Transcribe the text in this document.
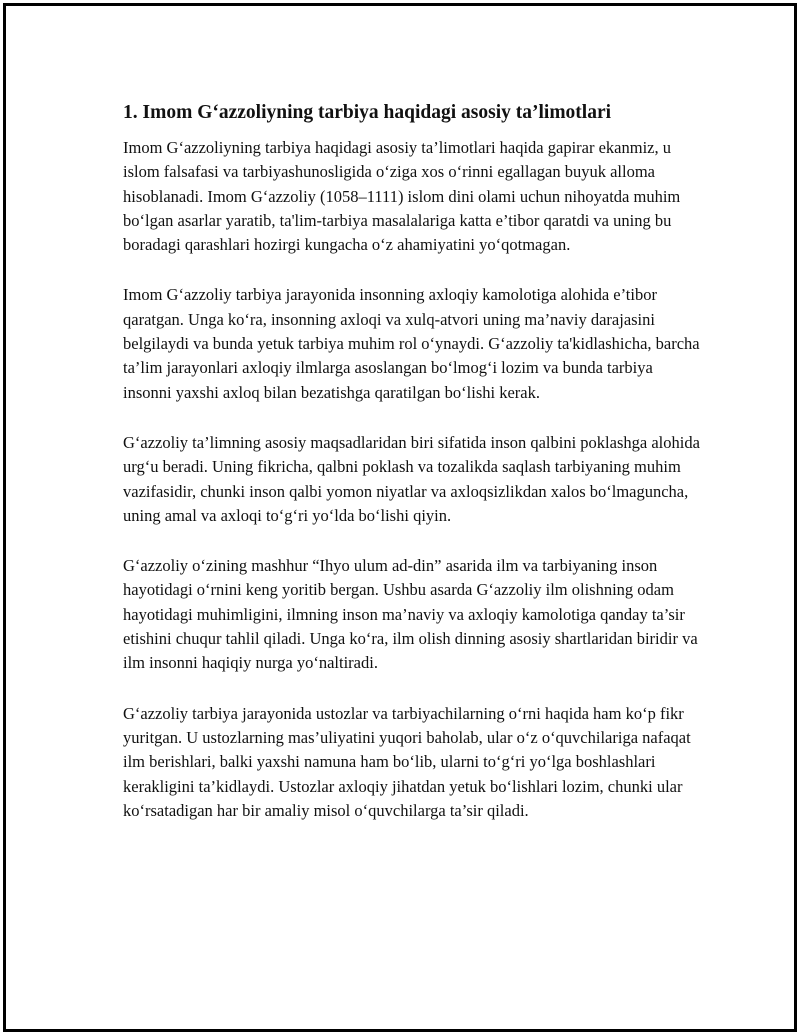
1. Imom G‘azzoliyning tarbiya haqidagi asosiy ta’limotlari

Imom G‘azzoliyning tarbiya haqidagi asosiy ta’limotlari haqida gapirar ekanmiz, u islom falsafasi va tarbiyashunosligida o‘ziga xos o‘rinni egallagan buyuk alloma hisoblanadi. Imom G‘azzoliy (1058–1111) islom dini olami uchun nihoyatda muhim bo‘lgan asarlar yaratib, ta'lim-tarbiya masalalariga katta e’tibor qaratdi va uning bu boradagi qarashlari hozirgi kungacha o‘z ahamiyatini yo‘qotmagan.

Imom G‘azzoliy tarbiya jarayonida insonning axloqiy kamolotiga alohida e’tibor qaratgan. Unga ko‘ra, insonning axloqi va xulq-atvori uning ma’naviy darajasini belgilaydi va bunda yetuk tarbiya muhim rol o‘ynaydi. G‘azzoliy ta'kidlashicha, barcha ta’lim jarayonlari axloqiy ilmlarga asoslangan bo‘lmog‘i lozim va bunda tarbiya insonni yaxshi axloq bilan bezatishga qaratilgan bo‘lishi kerak.

G‘azzoliy ta’limning asosiy maqsadlaridan biri sifatida inson qalbini poklashga alohida urg‘u beradi. Uning fikricha, qalbni poklash va tozalikda saqlash tarbiyaning muhim vazifasidir, chunki inson qalbi yomon niyatlar va axloqsizlikdan xalos bo‘lmaguncha, uning amal va axloqi to‘g‘ri yo‘lda bo‘lishi qiyin.

G‘azzoliy o‘zining mashhur “Ihyo ulum ad-din” asarida ilm va tarbiyaning inson hayotidagi o‘rnini keng yoritib bergan. Ushbu asarda G‘azzoliy ilm olishning odam hayotidagi muhimligini, ilmning inson ma’naviy va axloqiy kamolotiga qanday ta’sir etishini chuqur tahlil qiladi. Unga ko‘ra, ilm olish dinning asosiy shartlaridan biridir va ilm insonni haqiqiy nurga yo‘naltiradi.

G‘azzoliy tarbiya jarayonida ustozlar va tarbiyachilarning o‘rni haqida ham ko‘p fikr yuritgan. U ustozlarning mas’uliyatini yuqori baholab, ular o‘z o‘quvchilariga nafaqat ilm berishlari, balki yaxshi namuna ham bo‘lib, ularni to‘g‘ri yo‘lga boshlashlari kerakligini ta’kidlaydi. Ustozlar axloqiy jihatdan yetuk bo‘lishlari lozim, chunki ular ko‘rsatadigan har bir amaliy misol o‘quvchilarga ta’sir qiladi.
